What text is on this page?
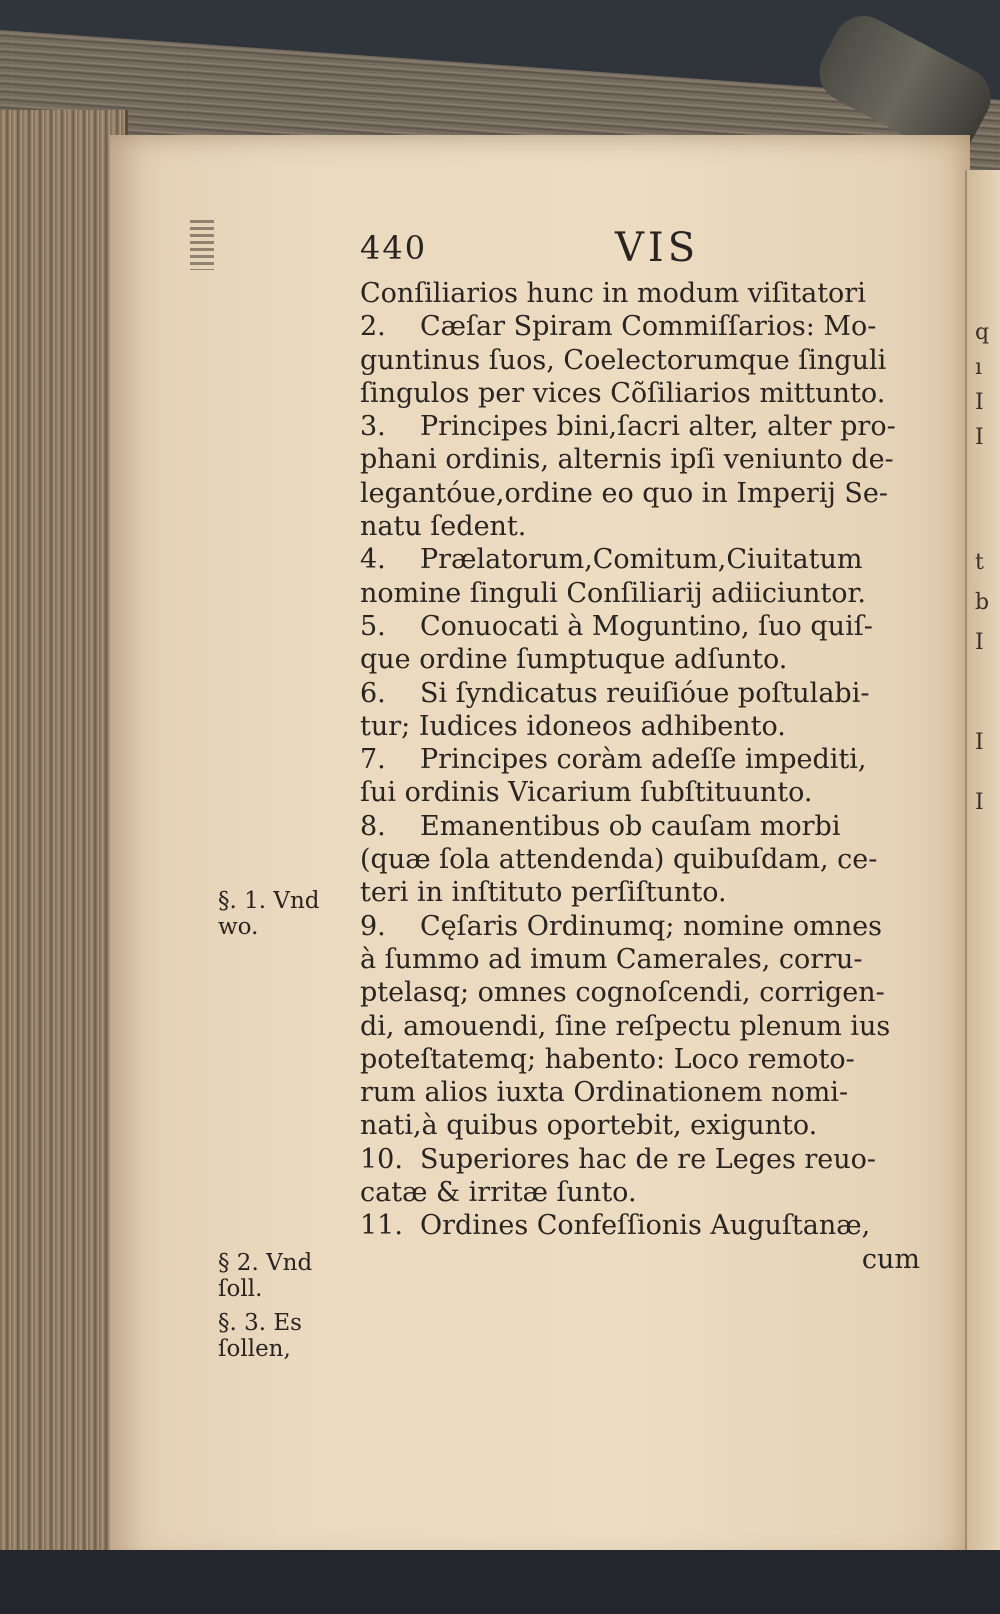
q
ı
I
I
t
b
I
I
I
§. 1. Vnd wo.
§ 2. Vnd ſoll.
§. 3. Es ſollen,
440	VIS
Conſiliarios hunc in modum viſitatori
2. Cæſar Spiram Commiſſarios: Mo-
guntinus ſuos, Coelectorumque ſinguli
ſingulos per vices Cõſiliarios mittunto.
3. Principes bini,ſacri alter, alter pro-
phani ordinis, alternis ipſi veniunto de-
legantóue,ordine eo quo in Imperij Se-
natu ſedent.
4. Prælatorum,Comitum,Ciuitatum
nomine ſinguli Conſiliarij adiiciuntor.
5. Conuocati à Moguntino, ſuo quiſ-
que ordine ſumptuque adſunto.
6. Si ſyndicatus reuiſióue poſtulabi-
tur; Iudices idoneos adhibento.
7. Principes coràm adeſſe impediti,
ſui ordinis Vicarium ſubſtituunto.
8. Emanentibus ob cauſam morbi
(quæ ſola attendenda) quibuſdam, ce-
teri in inſtituto perſiſtunto.
9. Cęſaris Ordinumq; nomine omnes
à ſummo ad imum Camerales, corru-
ptelasq; omnes cognoſcendi, corrigen-
di, amouendi, ſine reſpectu plenum ius
poteſtatemq; habento: Loco remoto-
rum alios iuxta Ordinationem nomi-
nati,à quibus oportebit, exigunto.
10. Superiores hac de re Leges reuo-
catæ & irritæ ſunto.
11. Ordines Confeſſionis Auguſtanæ,
cum
